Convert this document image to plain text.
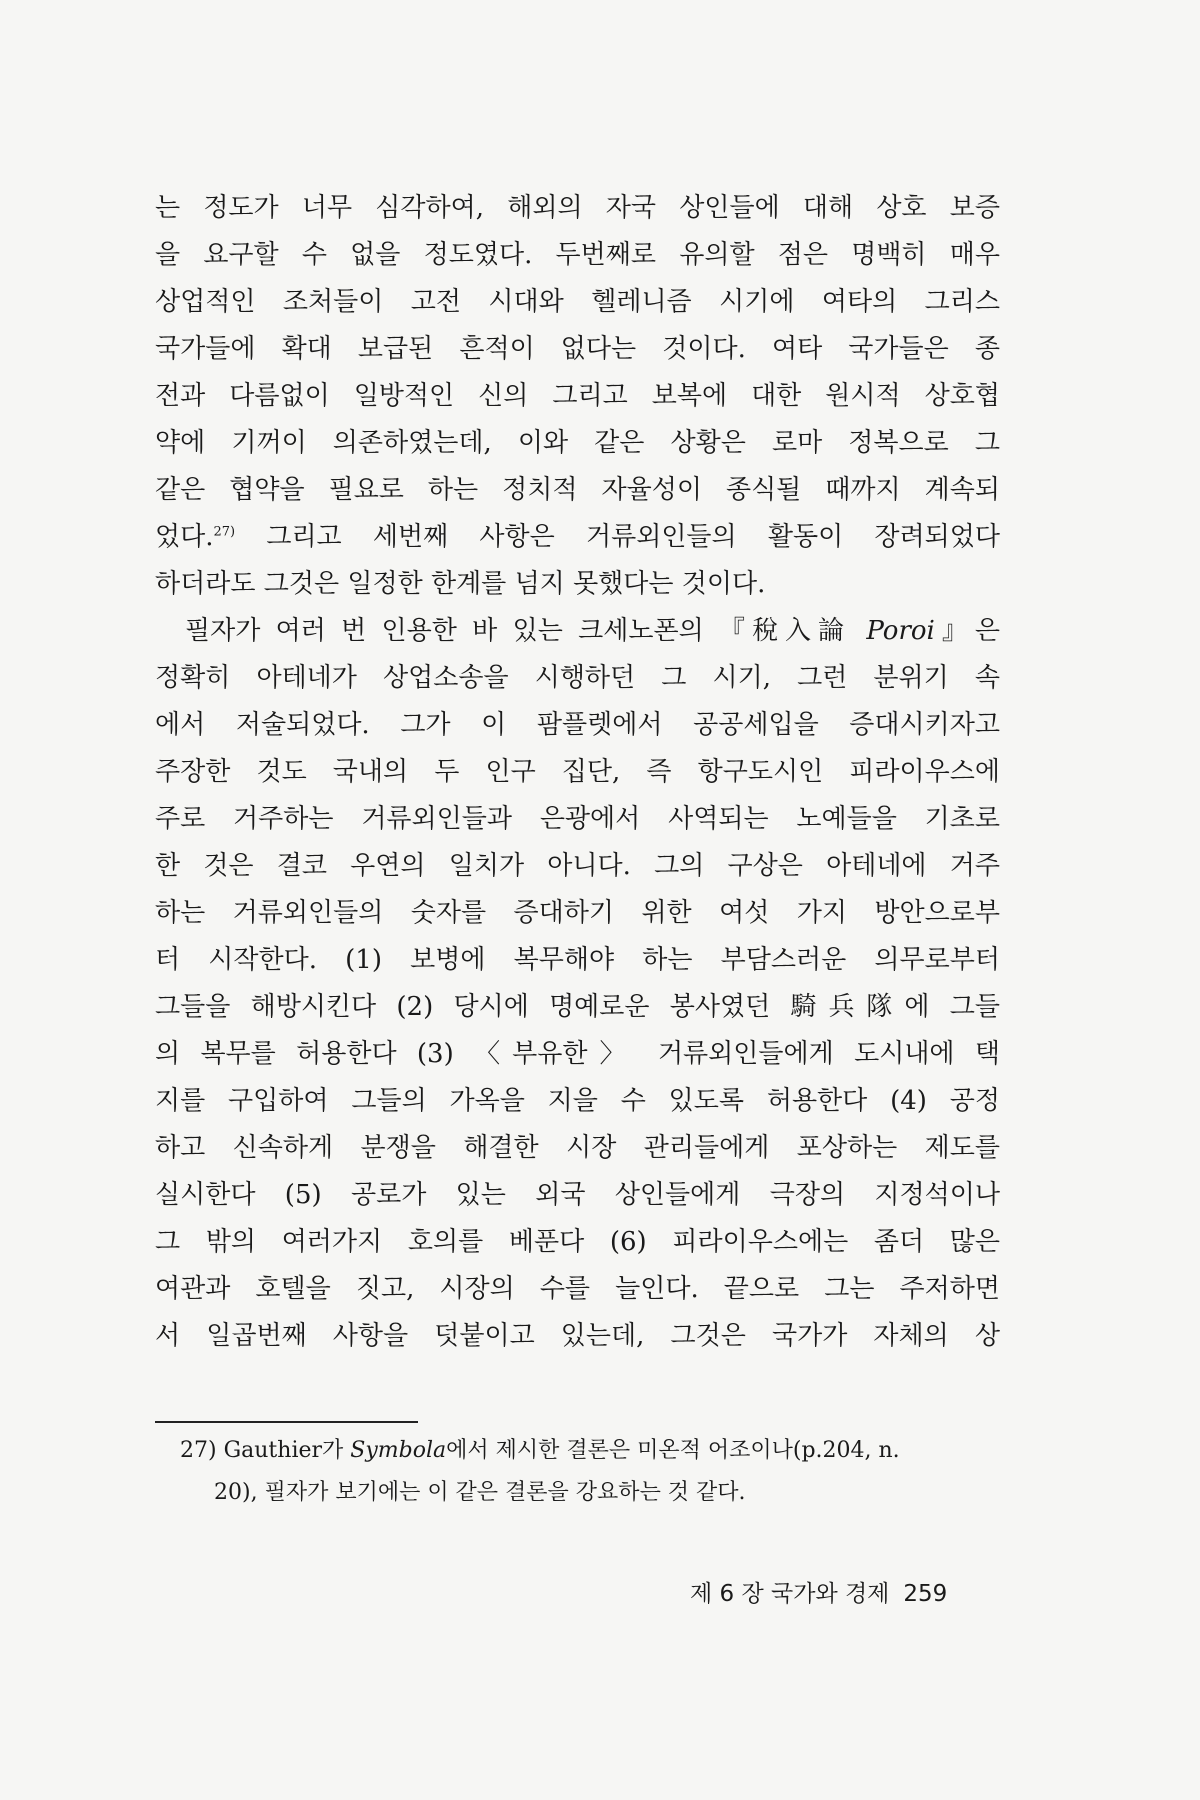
는 정도가 너무 심각하여, 해외의 자국 상인들에 대해 상호 보증
을 요구할 수 없을 정도였다. 두번째로 유의할 점은 명백히 매우
상업적인 조처들이 고전 시대와 헬레니즘 시기에 여타의 그리스
국가들에 확대 보급된 흔적이 없다는 것이다. 여타 국가들은 종
전과 다름없이 일방적인 신의 그리고 보복에 대한 원시적 상호협
약에 기꺼이 의존하였는데, 이와 같은 상황은 로마 정복으로 그
같은 협약을 필요로 하는 정치적 자율성이 종식될 때까지 계속되
었다.$^{27)}$ 그리고 세번째 사항은 거류외인들의 활동이 장려되었다
하더라도 그것은 일정한 한계를 넘지 못했다는 것이다.
필자가 여러 번 인용한 바 있는 크세노폰의 『稅入論 Poroi』은
정확히 아테네가 상업소송을 시행하던 그 시기, 그런 분위기 속
에서 저술되었다. 그가 이 팜플렛에서 공공세입을 증대시키자고
주장한 것도 국내의 두 인구 집단, 즉 항구도시인 피라이우스에
주로 거주하는 거류외인들과 은광에서 사역되는 노예들을 기초로
한 것은 결코 우연의 일치가 아니다. 그의 구상은 아테네에 거주
하는 거류외인들의 숫자를 증대하기 위한 여섯 가지 방안으로부
터 시작한다. (1) 보병에 복무해야 하는 부담스러운 의무로부터
그들을 해방시킨다 (2) 당시에 명예로운 봉사였던 騎兵隊에 그들
의 복무를 허용한다 (3) 〈부유한〉 거류외인들에게 도시내에 택
지를 구입하여 그들의 가옥을 지을 수 있도록 허용한다 (4) 공정
하고 신속하게 분쟁을 해결한 시장 관리들에게 포상하는 제도를
실시한다 (5) 공로가 있는 외국 상인들에게 극장의 지정석이나
그 밖의 여러가지 호의를 베푼다 (6) 피라이우스에는 좀더 많은
여관과 호텔을 짓고, 시장의 수를 늘인다. 끝으로 그는 주저하면
서 일곱번째 사항을 덧붙이고 있는데, 그것은 국가가 자체의 상
27) Gauthier가 Symbola에서 제시한 결론은 미온적 어조이나(p.204, n.
20), 필자가 보기에는 이 같은 결론을 강요하는 것 같다.
제 6 장 국가와 경제 259
